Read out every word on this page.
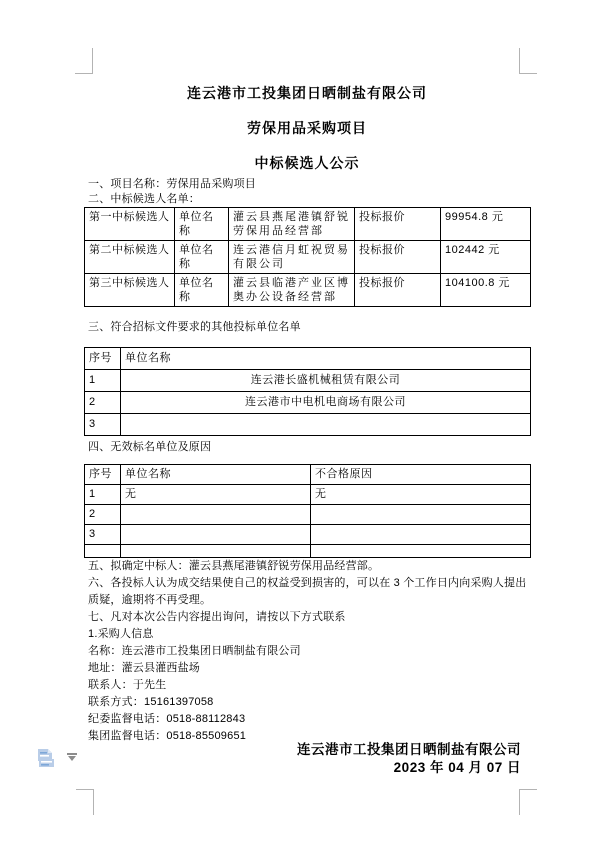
连云港市工投集团日晒制盐有限公司

劳保用品采购项目

中标候选人公示

一、项目名称：劳保用品采购项目

二、中标候选人名单：

第一中标候选人	单位名称	灌云县燕尾港镇舒锐劳保用品经营部	投标报价	99954.8 元
第二中标候选人	单位名称	连云港信月虹祝贸易有限公司	投标报价	102442 元
第三中标候选人	单位名称	灌云县临港产业区博奥办公设备经营部	投标报价	104100.8 元

三、符合招标文件要求的其他投标单位名单

序号	单位名称
1	连云港长盛机械租赁有限公司
2	连云港市中电机电商场有限公司
3	

四、无效标名单位及原因

序号	单位名称	不合格原因
1	无	无
2		
3		

五、拟确定中标人：灌云县燕尾港镇舒锐劳保用品经营部。

六、各投标人认为成交结果使自己的权益受到损害的，可以在 3 个工作日内向采购人提出质疑，逾期将不再受理。

七、凡对本次公告内容提出询问，请按以下方式联系

1.采购人信息

名称：连云港市工投集团日晒制盐有限公司

地址：灌云县灌西盐场

联系人：于先生

联系方式：15161397058

纪委监督电话：0518-88112843

集团监督电话：0518-85509651

连云港市工投集团日晒制盐有限公司

2023 年 04 月 07 日
